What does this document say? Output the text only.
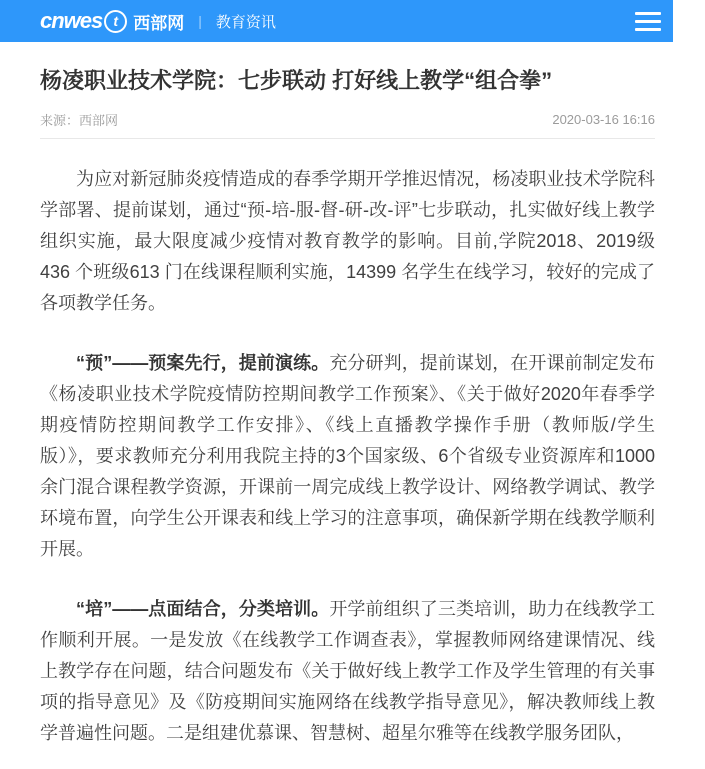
cnwes t 西部网 | 教育资讯
杨凌职业技术学院：七步联动 打好线上教学“组合拳”
来源：西部网	2020-03-16 16:16

为应对新冠肺炎疫情造成的春季学期开学推迟情况，杨凌职业技术学院科学部署、提前谋划，通过“预-培-服-督-研-改-评”七步联动，扎实做好线上教学组织实施，最大限度减少疫情对教育教学的影响。目前,学院2018、2019级436 个班级613 门在线课程顺利实施，14399 名学生在线学习，较好的完成了各项教学任务。

“预”——预案先行，提前演练。充分研判，提前谋划，在开课前制定发布《杨凌职业技术学院疫情防控期间教学工作预案》、《关于做好2020年春季学期疫情防控期间教学工作安排》、《线上直播教学操作手册（教师版/学生版）》，要求教师充分利用我院主持的3个国家级、6个省级专业资源库和1000余门混合课程教学资源，开课前一周完成线上教学设计、网络教学调试、教学环境布置，向学生公开课表和线上学习的注意事项，确保新学期在线教学顺利开展。

“培”——点面结合，分类培训。开学前组织了三类培训，助力在线教学工作顺利开展。一是发放《在线教学工作调查表》，掌握教师网络建课情况、线上教学存在问题，结合问题发布《关于做好线上教学工作及学生管理的有关事项的指导意见》及《防疫期间实施网络在线教学指导意见》，解决教师线上教学普遍性问题。二是组建优慕课、智慧树、超星尔雅等在线教学服务团队，
